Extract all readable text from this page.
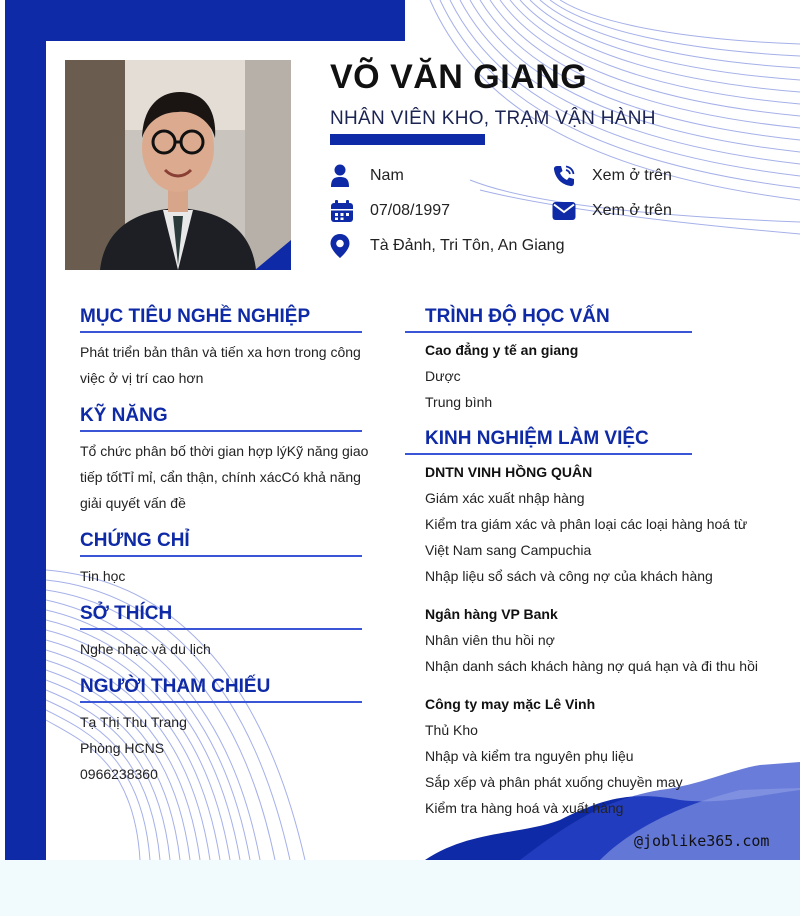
VÕ VĂN GIANG
NHÂN VIÊN KHO, TRẠM VẬN HÀNH
Nam
07/08/1997
Tà Đảnh, Tri Tôn, An Giang
Xem ở trên
Xem ở trên
MỤC TIÊU NGHỀ NGHIỆP
Phát triển bản thân và tiến xa hơn trong công
việc ở vị trí cao hơn
KỸ NĂNG
Tổ chức phân bố thời gian hợp lýKỹ năng giao
tiếp tốtTỉ mỉ, cẩn thận, chính xácCó khả năng
giải quyết vấn đề
CHỨNG CHỈ
Tin học
SỞ THÍCH
Nghe nhạc và du lịch
NGƯỜI THAM CHIẾU
Tạ Thị Thu Trang
Phòng HCNS
0966238360
TRÌNH ĐỘ HỌC VẤN
Cao đẳng y tế an giang
Dược
Trung bình
KINH NGHIỆM LÀM VIỆC
DNTN VINH HỒNG QUÂN
Giám xác xuất nhập hàng
Kiểm tra giám xác và phân loại các loại hàng hoá từ
Việt Nam sang Campuchia
Nhập liệu sổ sách và công nợ của khách hàng
Ngân hàng VP Bank
Nhân viên thu hồi nợ
Nhận danh sách khách hàng nợ quá hạn và đi thu hồi
Công ty may mặc Lê Vinh
Thủ Kho
Nhập và kiểm tra nguyên phụ liệu
Sắp xếp và phân phát xuống chuyền may
Kiểm tra hàng hoá và xuất hàng
@joblike365.com
